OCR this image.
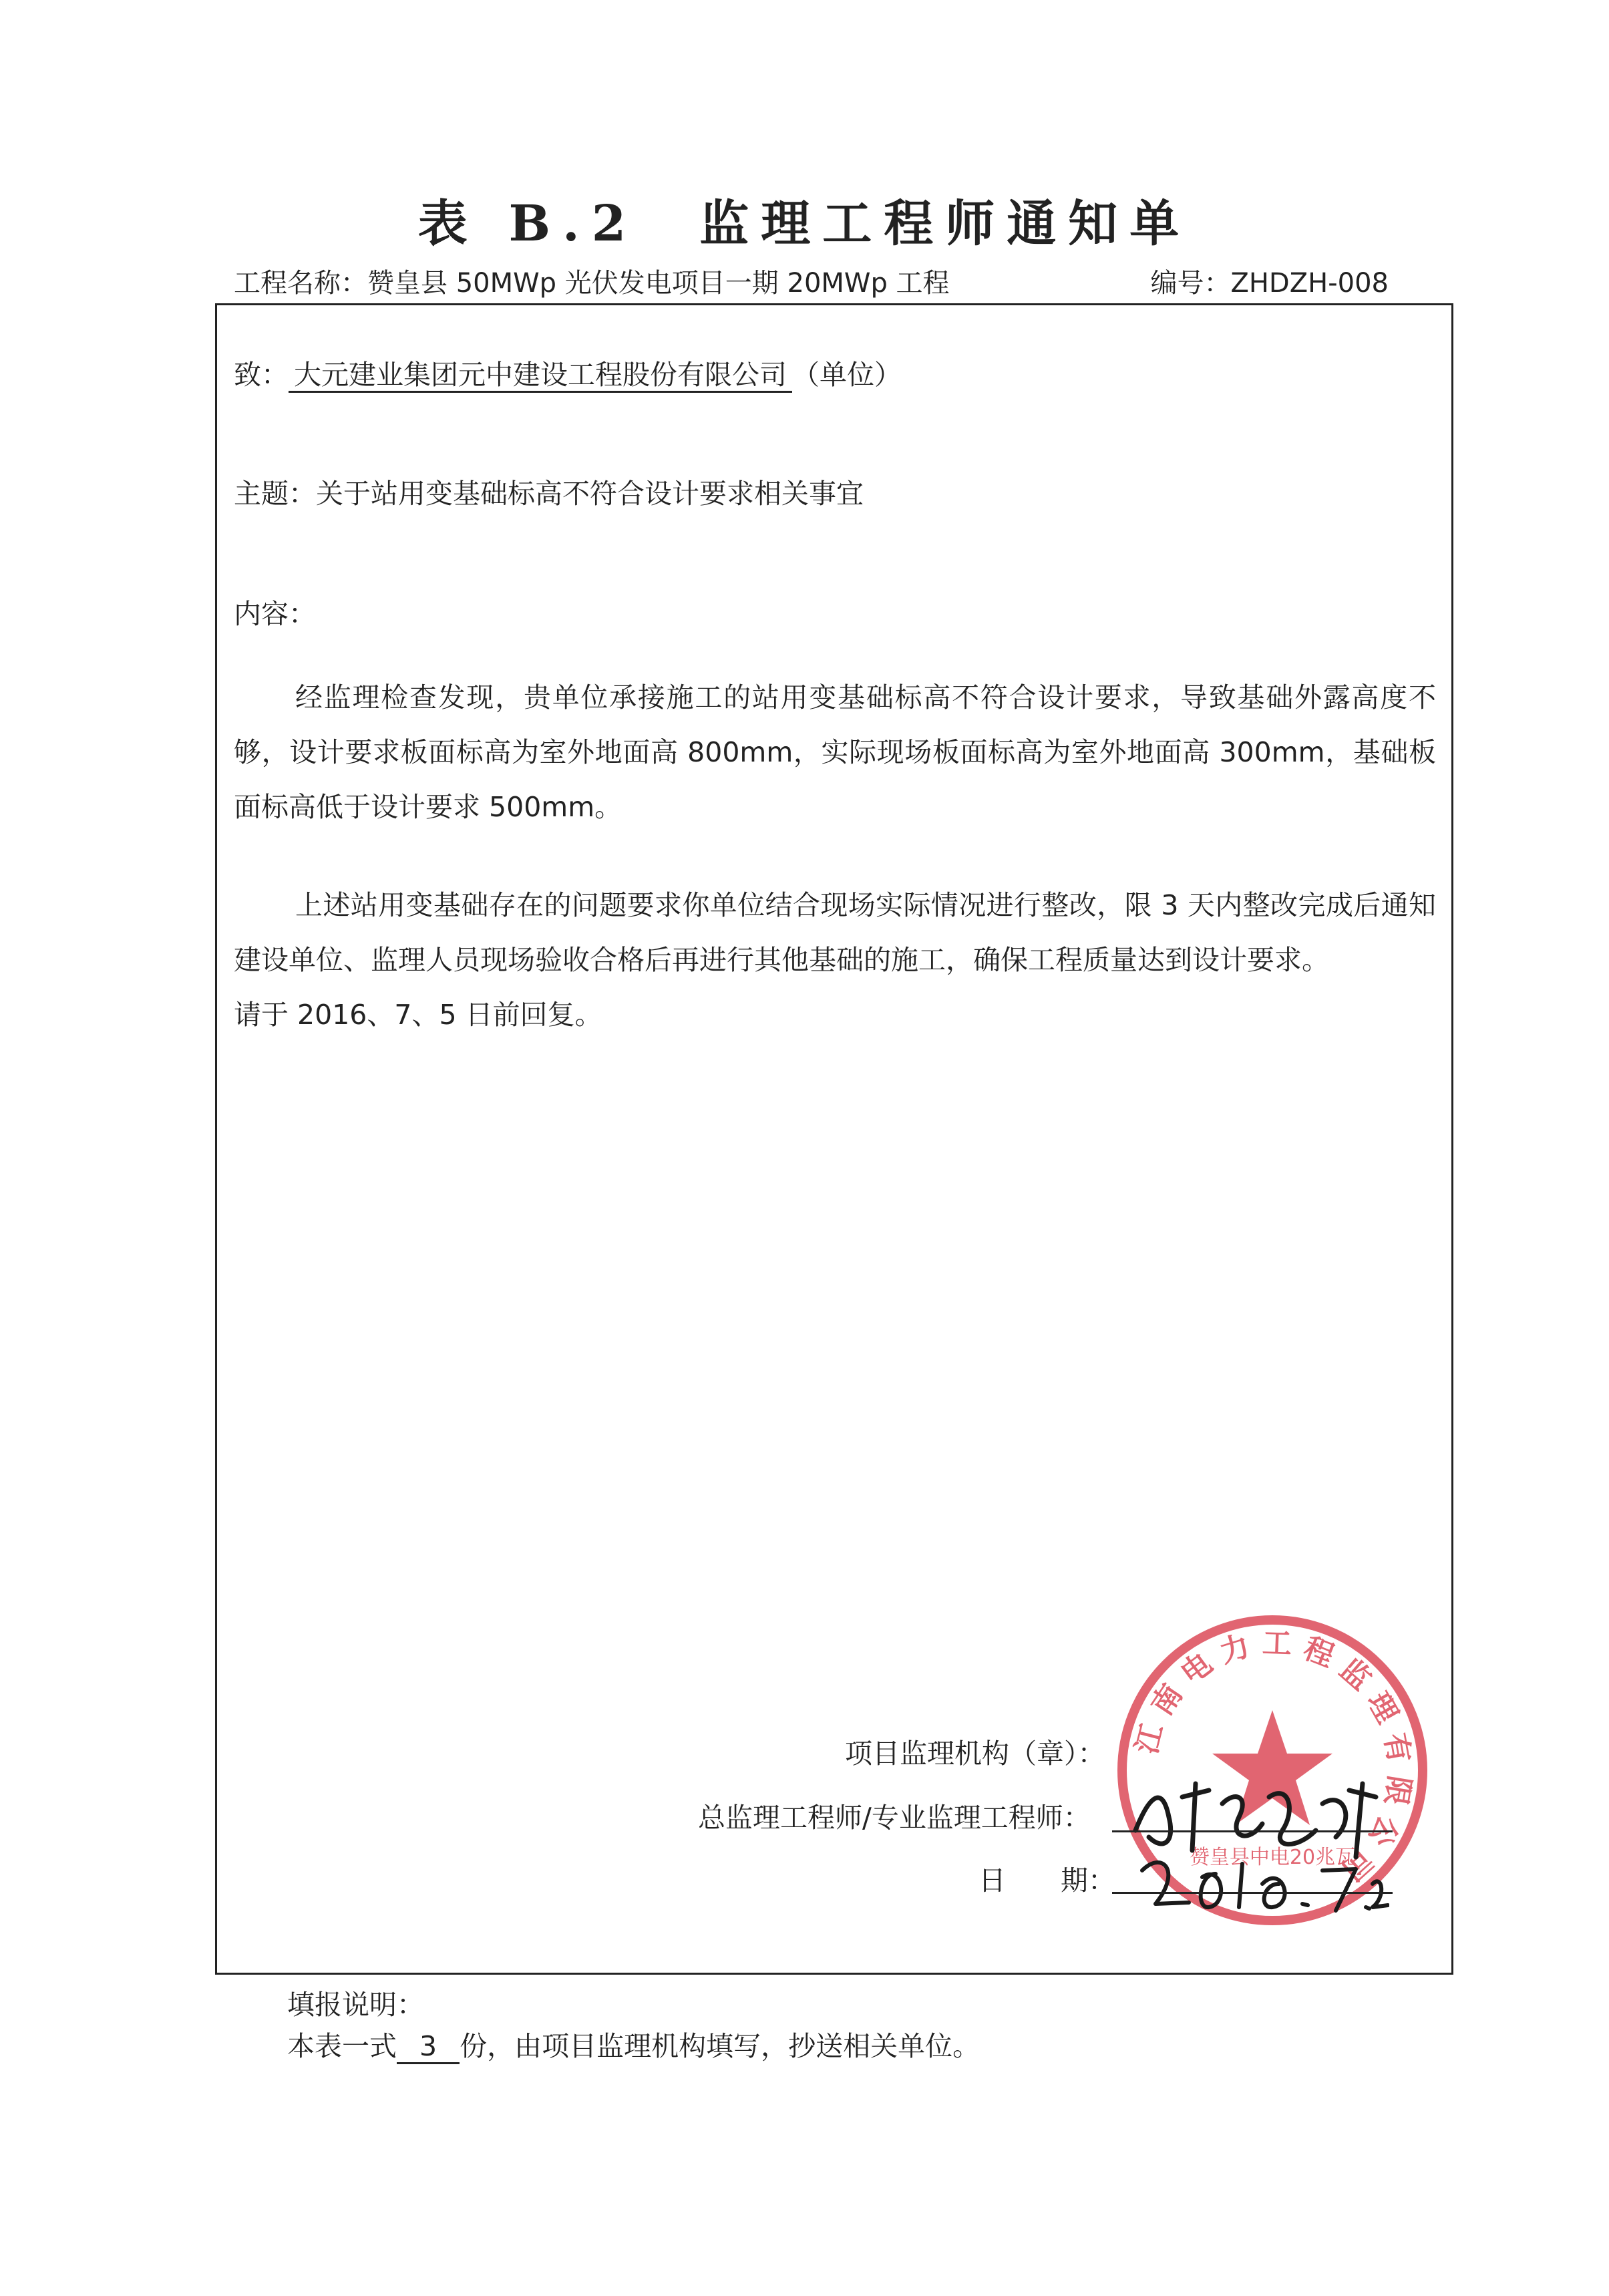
表 B.2　监理工程师通知单
工程名称：赞皇县 50MWp 光伏发电项目一期 20MWp 工程	编号：ZHDZH-008
致： 大元建业集团元中建设工程股份有限公司 （单位）
主题：关于站用变基础标高不符合设计要求相关事宜
内容：

经监理检查发现，贵单位承接施工的站用变基础标高不符合设计要求，导致基础外露高度不够，设计要求板面标高为室外地面高 800mm，实际现场板面标高为室外地面高 300mm，基础板面标高低于设计要求 500mm。

上述站用变基础存在的问题要求你单位结合现场实际情况进行整改，限 3 天内整改完成后通知建设单位、监理人员现场验收合格后再进行其他基础的施工，确保工程质量达到设计要求。

请于 2016、7、5 日前回复。

江 南 电 力 工 程 监 理 有 限 公 司
赞皇县中电20兆瓦
项目监理机构（章）：
总监理工程师/专业监理工程师：
日　　期：
填报说明：
本表一式 3 份，由项目监理机构填写，抄送相关单位。
